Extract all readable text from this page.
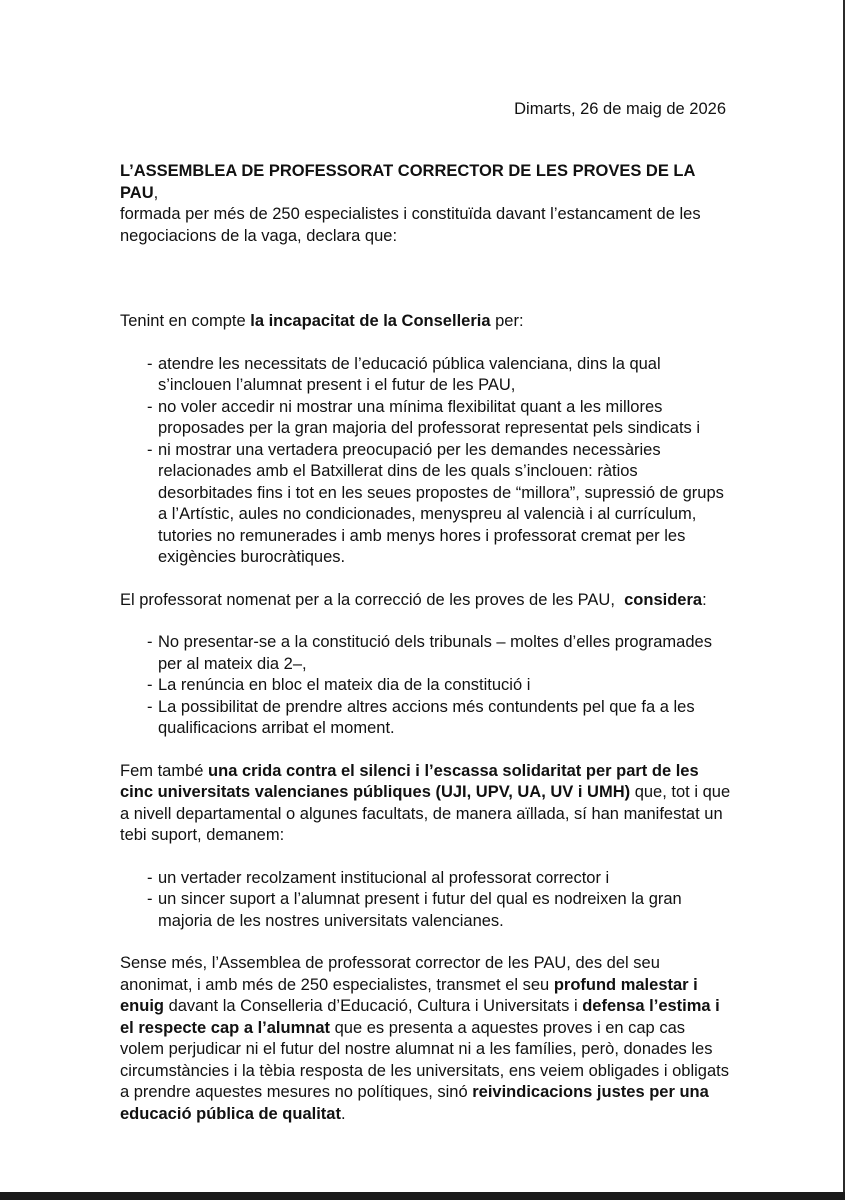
Dimarts, 26 de maig de 2026

L’ASSEMBLEA DE PROFESSORAT CORRECTOR DE LES PROVES DE LA PAU,
formada per més de 250 especialistes i constituïda davant l’estancament de les negociacions de la vaga, declara que:

Tenint en compte la incapacitat de la Conselleria per:

- atendre les necessitats de l’educació pública valenciana, dins la qual s’inclouen l’alumnat present i el futur de les PAU,
- no voler accedir ni mostrar una mínima flexibilitat quant a les millores proposades per la gran majoria del professorat representat pels sindicats i
- ni mostrar una vertadera preocupació per les demandes necessàries relacionades amb el Batxillerat dins de les quals s’inclouen: ràtios desorbitades fins i tot en les seues propostes de “millora”, supressió de grups a l’Artístic, aules no condicionades, menyspreu al valencià i al currículum, tutories no remunerades i amb menys hores i professorat cremat per les exigències burocràtiques.

El professorat nomenat per a la correcció de les proves de les PAU,  considera:

- No presentar-se a la constitució dels tribunals – moltes d’elles programades per al mateix dia 2–,
- La renúncia en bloc el mateix dia de la constitució i
- La possibilitat de prendre altres accions més contundents pel que fa a les qualificacions arribat el moment.

Fem també una crida contra el silenci i l’escassa solidaritat per part de les cinc universitats valencianes públiques (UJI, UPV, UA, UV i UMH) que, tot i que a nivell departamental o algunes facultats, de manera aïllada, sí han manifestat un tebi suport, demanem:

- un vertader recolzament institucional al professorat corrector i
- un sincer suport a l’alumnat present i futur del qual es nodreixen la gran majoria de les nostres universitats valencianes.

Sense més, l’Assemblea de professorat corrector de les PAU, des del seu anonimat, i amb més de 250 especialistes, transmet el seu profund malestar i enuig davant la Conselleria d’Educació, Cultura i Universitats i defensa l’estima i el respecte cap a l’alumnat que es presenta a aquestes proves i en cap cas volem perjudicar ni el futur del nostre alumnat ni a les famílies, però, donades les circumstàncies i la tèbia resposta de les universitats, ens veiem obligades i obligats a prendre aquestes mesures no polítiques, sinó reivindicacions justes per una educació pública de qualitat.
